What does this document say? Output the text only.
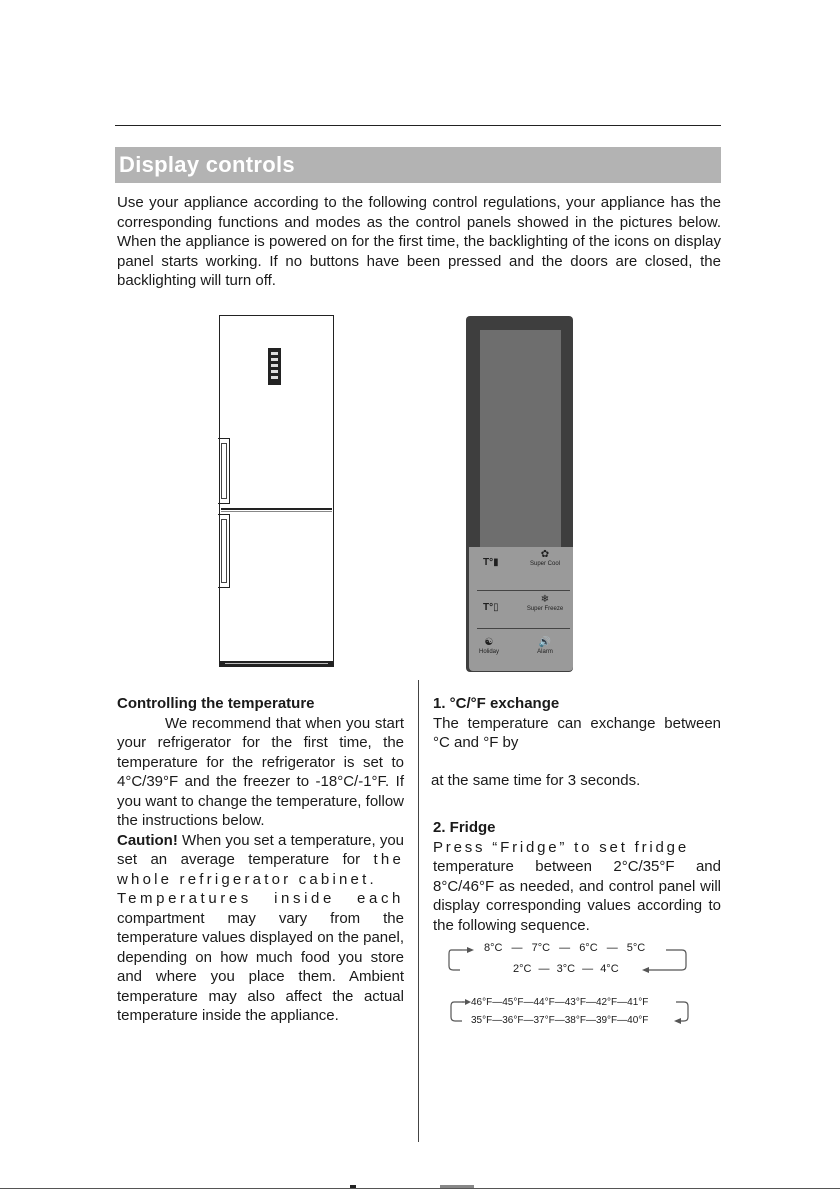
Display controls

Use your appliance according to the following control regulations, your appliance has the corresponding functions and modes as the control panels showed in the pictures below. When the appliance is powered on for the first time, the backlighting of the icons on display panel starts working. If no buttons have been pressed and the doors are closed, the backlighting will turn off.

T°▮
✿
Super Cool
T°▯
❄
Super Freeze
☯
Holiday
🔊
Alarm
Controlling the temperature

We recommend that when you start your refrigerator for the first time, the temperature for the refrigerator is set to 4°C/39°F and the freezer to -18°C/-1°F. If you want to change the temperature, follow the instructions below.

Caution! When you set a temperature, you set an average temperature for the whole refrigerator cabinet.
Temperatures inside each compartment may vary from the temperature values displayed on the panel, depending on how much food you store and where you place them. Ambient temperature may also affect the actual temperature inside the appliance.

1. °C/°F exchange

The temperature can exchange between °C and °F by

at the same time for 3 seconds.

2. Fridge

Press “Fridge” to set fridge

temperature between 2°C/35°F and 8°C/46°F as needed, and control panel will display corresponding values according to the following sequence.

8°C — 7°C — 6°C — 5°C
2°C — 3°C — 4°C
46°F—45°F—44°F—43°F—42°F—41°F
35°F—36°F—37°F—38°F—39°F—40°F
